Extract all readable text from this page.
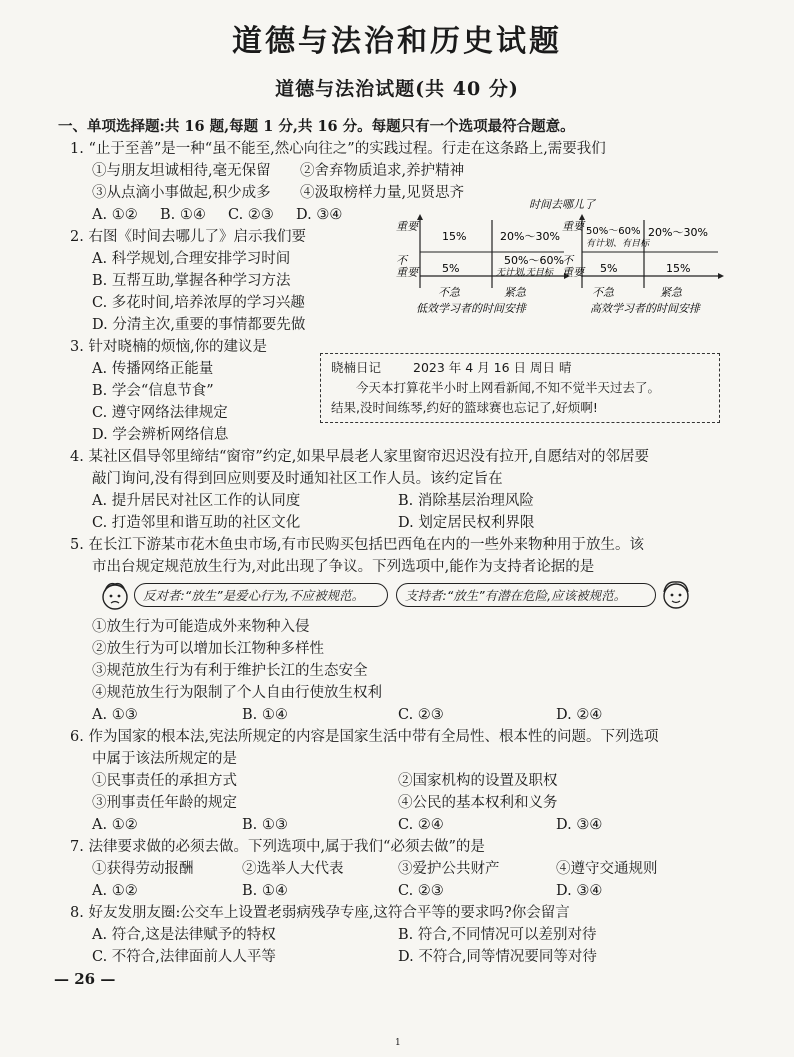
道德与法治和历史试题
道德与法治试题(共 40 分)
一、单项选择题:共 16 题,每题 1 分,共 16 分。每题只有一个选项最符合题意。
1. “止于至善”是一种“虽不能至,然心向往之”的实践过程。行走在这条路上,需要我们
①与朋友坦诚相待,毫无保留 ②舍弃物质追求,养护精神
③从点滴小事做起,积少成多 ④汲取榜样力量,见贤思齐
A. ①② B. ①④ C. ②③ D. ③④
2. 右图《时间去哪儿了》启示我们要
A. 科学规划,合理安排学习时间
B. 互帮互助,掌握各种学习方法
C. 多花时间,培养浓厚的学习兴趣
D. 分清主次,重要的事情都要先做
时间去哪儿了
重要
不
重要
15%	20%～30%
5%
50%～60%
无计划,无目标
不急	紧急
低效学习者的时间安排
重要
不
重要
50%～60%
有计划、有目标
20%～30%
5%	15%
不急	紧急
高效学习者的时间安排
3. 针对晓楠的烦恼,你的建议是
A. 传播网络正能量
B. 学会“信息节食”
C. 遵守网络法律规定
D. 学会辨析网络信息
晓楠日记	2023 年 4 月 16 日 周日 晴
今天本打算花半小时上网看新闻,不知不觉半天过去了。
结果,没时间练琴,约好的篮球赛也忘记了,好烦啊!
4. 某社区倡导邻里缔结“窗帘”约定,如果早晨老人家里窗帘迟迟没有拉开,自愿结对的邻居要
敲门询问,没有得到回应则要及时通知社区工作人员。该约定旨在
A. 提升居民对社区工作的认同度	B. 消除基层治理风险
C. 打造邻里和谐互助的社区文化	D. 划定居民权利界限
5. 在长江下游某市花木鱼虫市场,有市民购买包括巴西龟在内的一些外来物种用于放生。该
市出台规定规范放生行为,对此出现了争议。下列选项中,能作为支持者论据的是
反对者:“放生”是爱心行为,不应被规范。	支持者:“放生”有潜在危险,应该被规范。
①放生行为可能造成外来物种入侵
②放生行为可以增加长江物种多样性
③规范放生行为有利于维护长江的生态安全
④规范放生行为限制了个人自由行使放生权利
A. ①③	B. ①④	C. ②③	D. ②④
6. 作为国家的根本法,宪法所规定的内容是国家生活中带有全局性、根本性的问题。下列选项
中属于该法所规定的是
①民事责任的承担方式	②国家机构的设置及职权
③刑事责任年龄的规定	④公民的基本权利和义务
A. ①②	B. ①③	C. ②④	D. ③④
7. 法律要求做的必须去做。下列选项中,属于我们“必须去做”的是
①获得劳动报酬	②选举人大代表	③爱护公共财产	④遵守交通规则
A. ①②	B. ①④	C. ②③	D. ③④
8. 好友发朋友圈:公交车上设置老弱病残孕专座,这符合平等的要求吗?你会留言
A. 符合,这是法律赋予的特权	B. 符合,不同情况可以差别对待
C. 不符合,法律面前人人平等	D. 不符合,同等情况要同等对待
— 26 —
1
